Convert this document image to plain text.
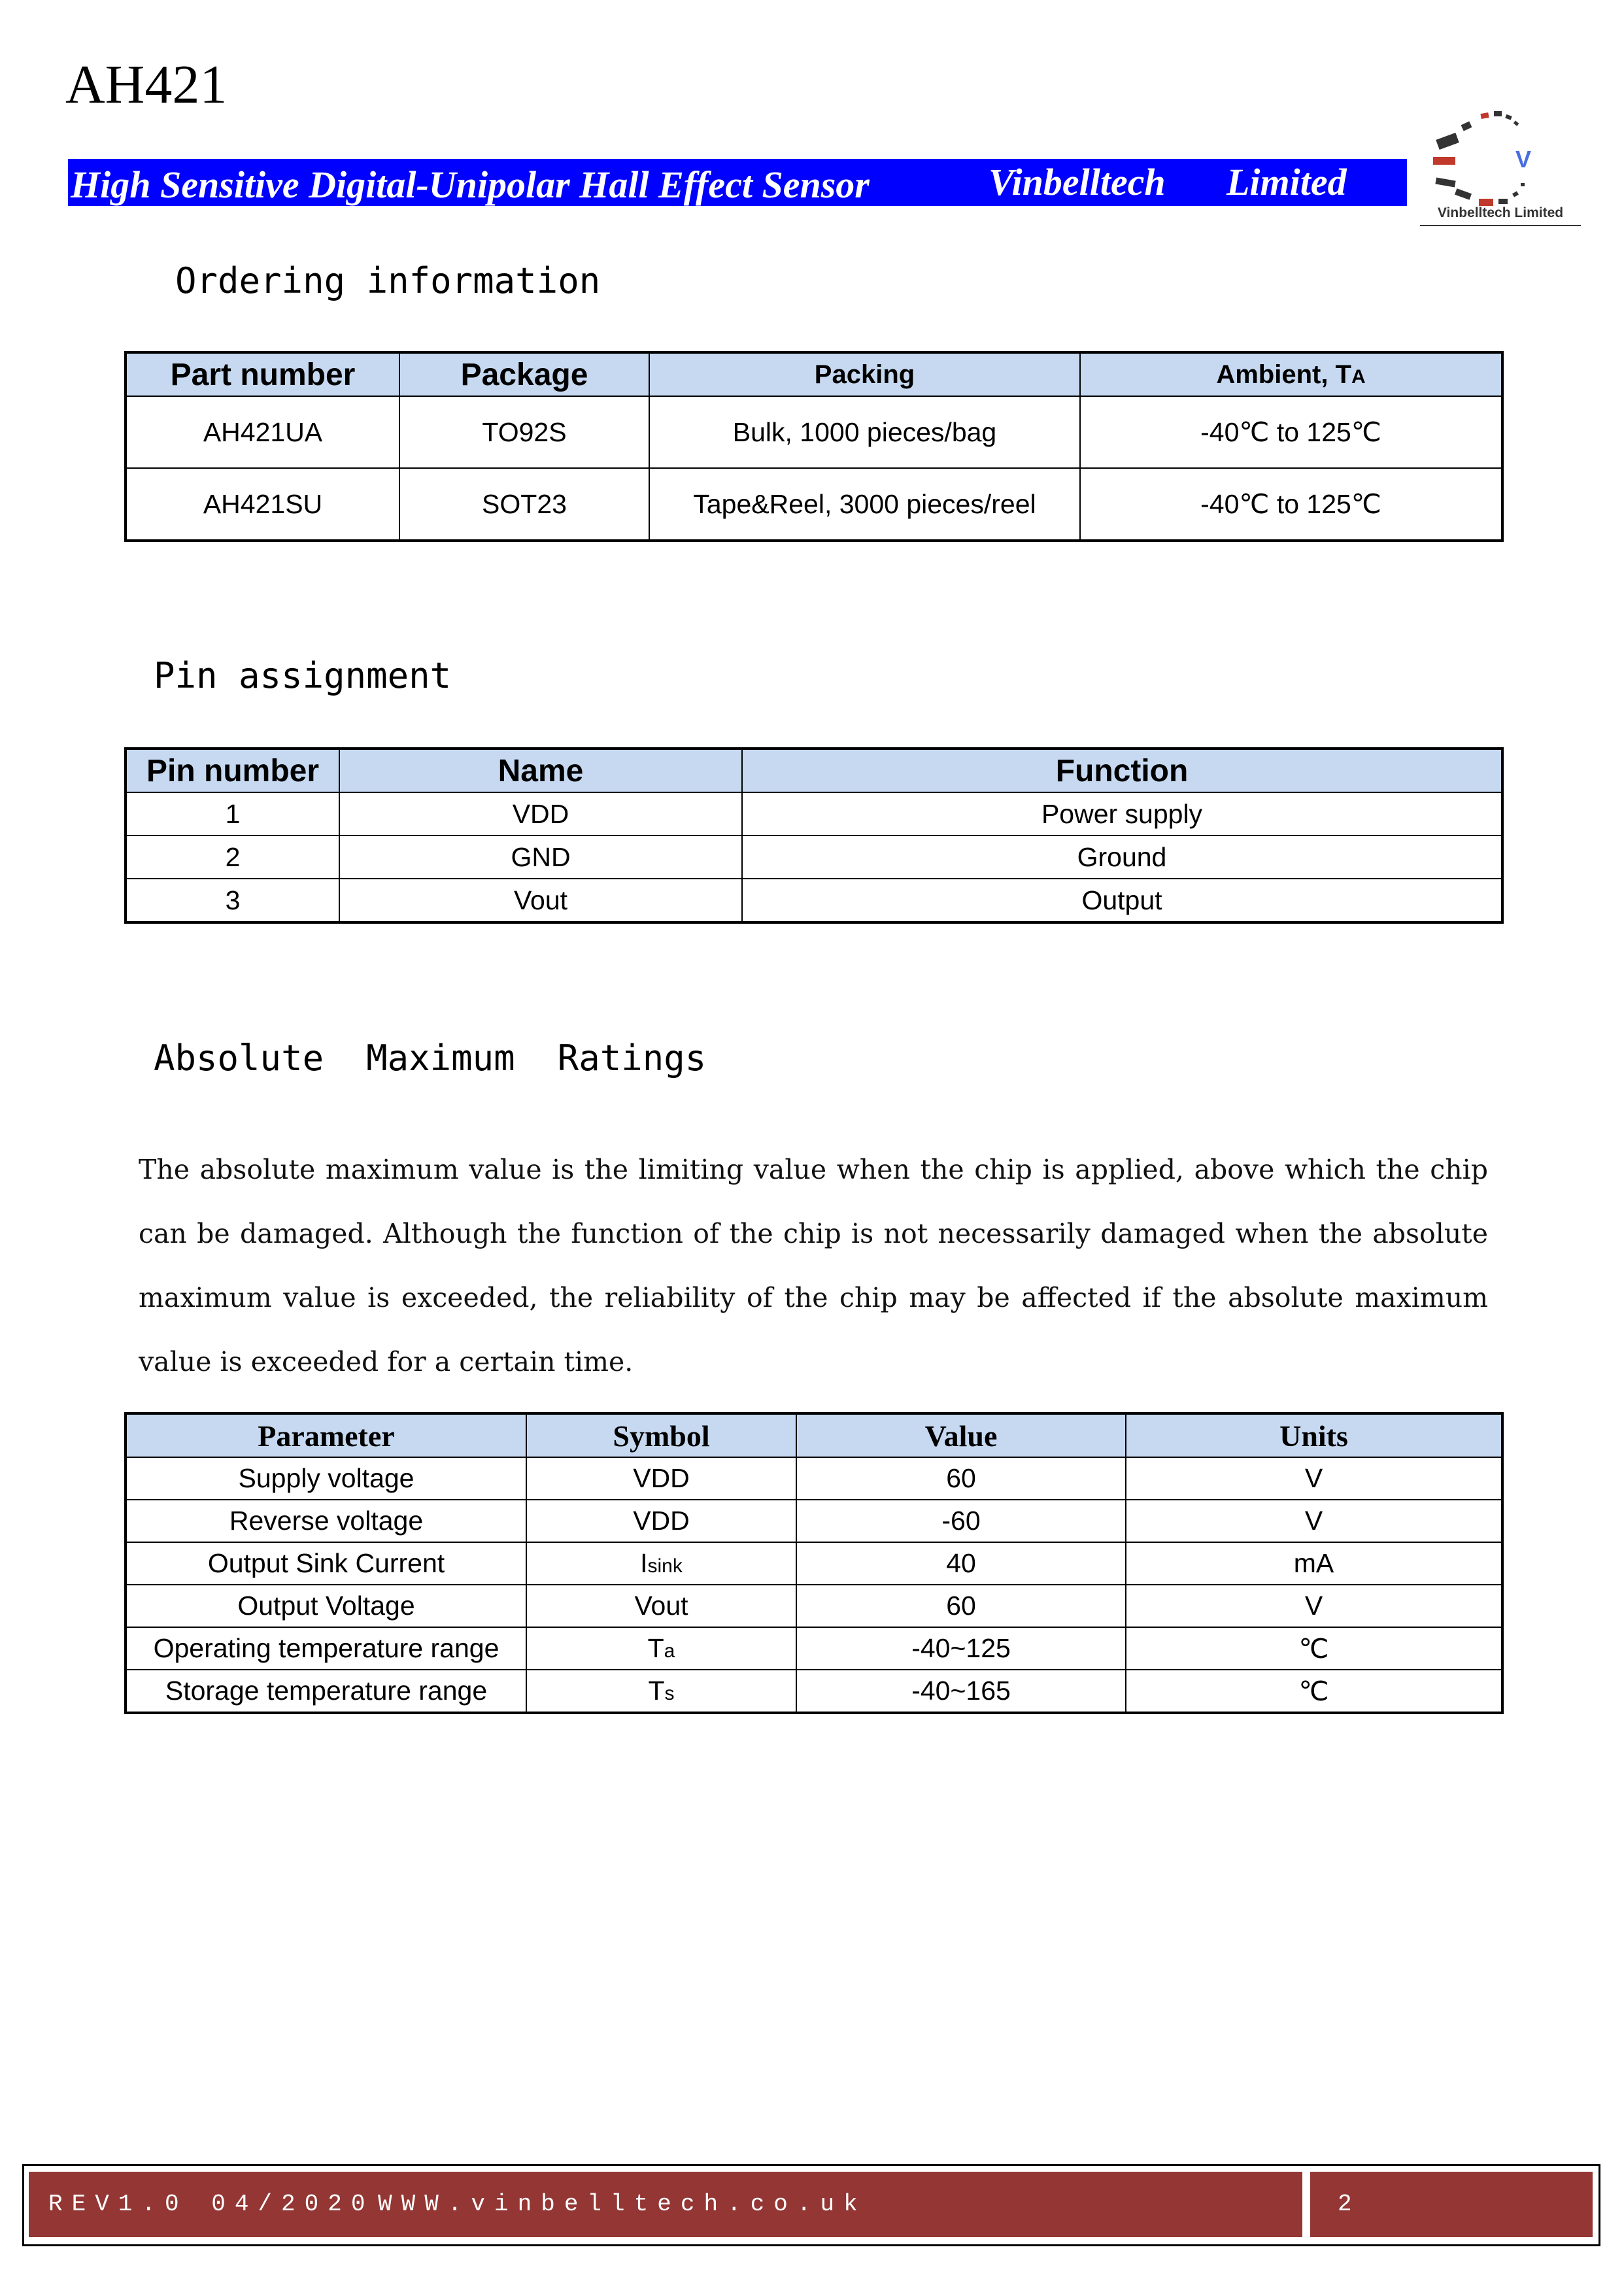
AH421
High Sensitive Digital-Unipolar Hall Effect Sensor	Vinbelltech Limited
V
Vinbelltech Limited
Ordering information
Part number	Package	Packing	Ambient, TA
AH421UA	TO92S	Bulk, 1000 pieces/bag	-40℃ to 125℃
AH421SU	SOT23	Tape&Reel, 3000 pieces/reel	-40℃ to 125℃
Pin assignment
Pin number	Name	Function
1	VDD	Power supply
2	GND	Ground
3	Vout	Output
Absolute  Maximum  Ratings
The absolute maximum value is the limiting value when the chip is applied, above which the chip can be damaged. Although the function of the chip is not necessarily damaged when the absolute maximum value is exceeded, the reliability of the chip may be affected if the absolute maximum value is exceeded for a certain time.
Parameter	Symbol	Value	Units
Supply voltage	VDD	60	V
Reverse voltage	VDD	-60	V
Output Sink Current	Isink	40	mA
Output Voltage	Vout	60	V
Operating temperature range	Ta	-40~125	℃
Storage temperature range	Ts	-40~165	℃
REV1.0 04/2020 WWW.vinbelltech.co.uk	2
